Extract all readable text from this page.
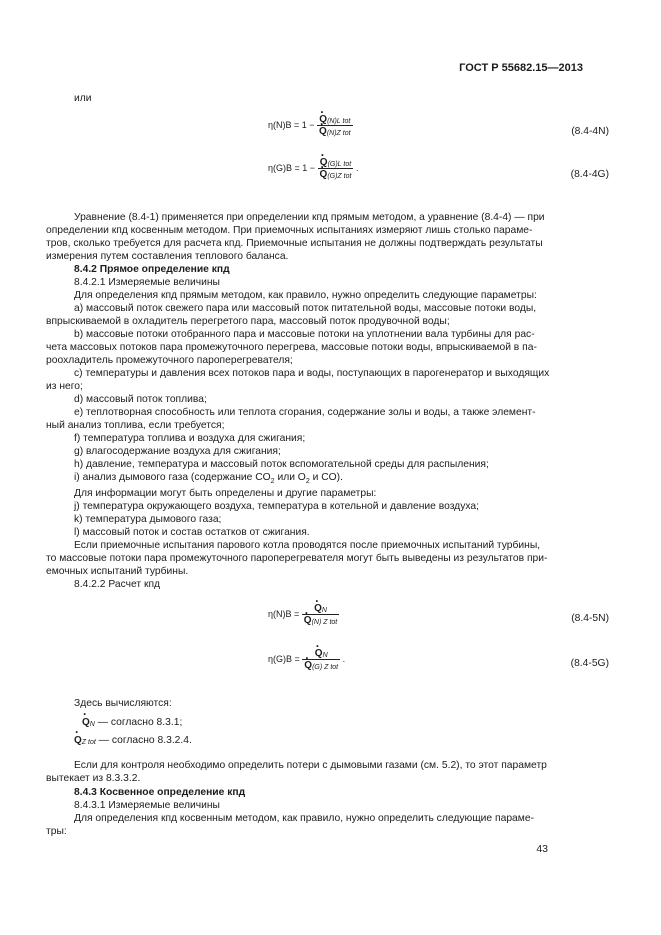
ГОСТ Р 55682.15—2013
или
η(N)B = 1 − · Q(N)L tot
· Q(N)Z tot	(8.4-4N)
η(G)B = 1 − · Q(G)L tot
· Q(G)Z tot .
(8.4-4G)
Уравнение (8.4-1) применяется при определении кпд прямым методом, а уравнение (8.4-4) — при
определении кпд косвенным методом. При приемочных испытаниях измеряют лишь столько параме-
тров, сколько требуется для расчета кпд. Приемочные испытания не должны подтверждать результаты
измерения путем составления теплового баланса.
8.4.2 Прямое определение кпд
8.4.2.1 Измеряемые величины
Для определения кпд прямым методом, как правило, нужно определить следующие параметры:
а) массовый поток свежего пара или массовый поток питательной воды, массовые потоки воды,
впрыскиваемой в охладитель перегретого пара, массовый поток продувочной воды;
b) массовые потоки отобранного пара и массовые потоки на уплотнении вала турбины для рас-
чета массовых потоков пара промежуточного перегрева, массовые потоки воды, впрыскиваемой в па-
роохладитель промежуточного пароперегревателя;
с) температуры и давления всех потоков пара и воды, поступающих в парогенератор и выходящих
из него;
d) массовый поток топлива;
е) теплотворная способность или теплота сгорания, содержание золы и воды, а также элемент-
ный анализ топлива, если требуется;
f) температура топлива и воздуха для сжигания;
g) влагосодержание воздуха для сжигания;
h) давление, температура и массовый поток вспомогательной среды для распыления;
i) анализ дымового газа (содержание $CO_2$ или $O_2$ и CO).
Для информации могут быть определены и другие параметры:
j) температура окружающего воздуха, температура в котельной и давление воздуха;
k) температура дымового газа;
l) массовый поток и состав остатков от сжигания.
Если приемочные испытания парового котла проводятся после приемочных испытаний турбины,
то массовые потоки пара промежуточного пароперегревателя могут быть выведены из результатов при-
емочных испытаний турбины.
8.4.2.2 Расчет кпд
η(N)B = · QN
· Q(N) Z tot	(8.4-5N)
η(G)B = · QN
· Q(G) Z tot .	(8.4-5G)
Здесь вычисляются:
· QN — согласно 8.3.1;
· QZ tot — согласно 8.3.2.4.
Если для контроля необходимо определить потери с дымовыми газами (см. 5.2), то этот параметр
вытекает из 8.3.3.2.
8.4.3 Косвенное определение кпд
8.4.3.1 Измеряемые величины
Для определения кпд косвенным методом, как правило, нужно определить следующие параме-
тры:
43
